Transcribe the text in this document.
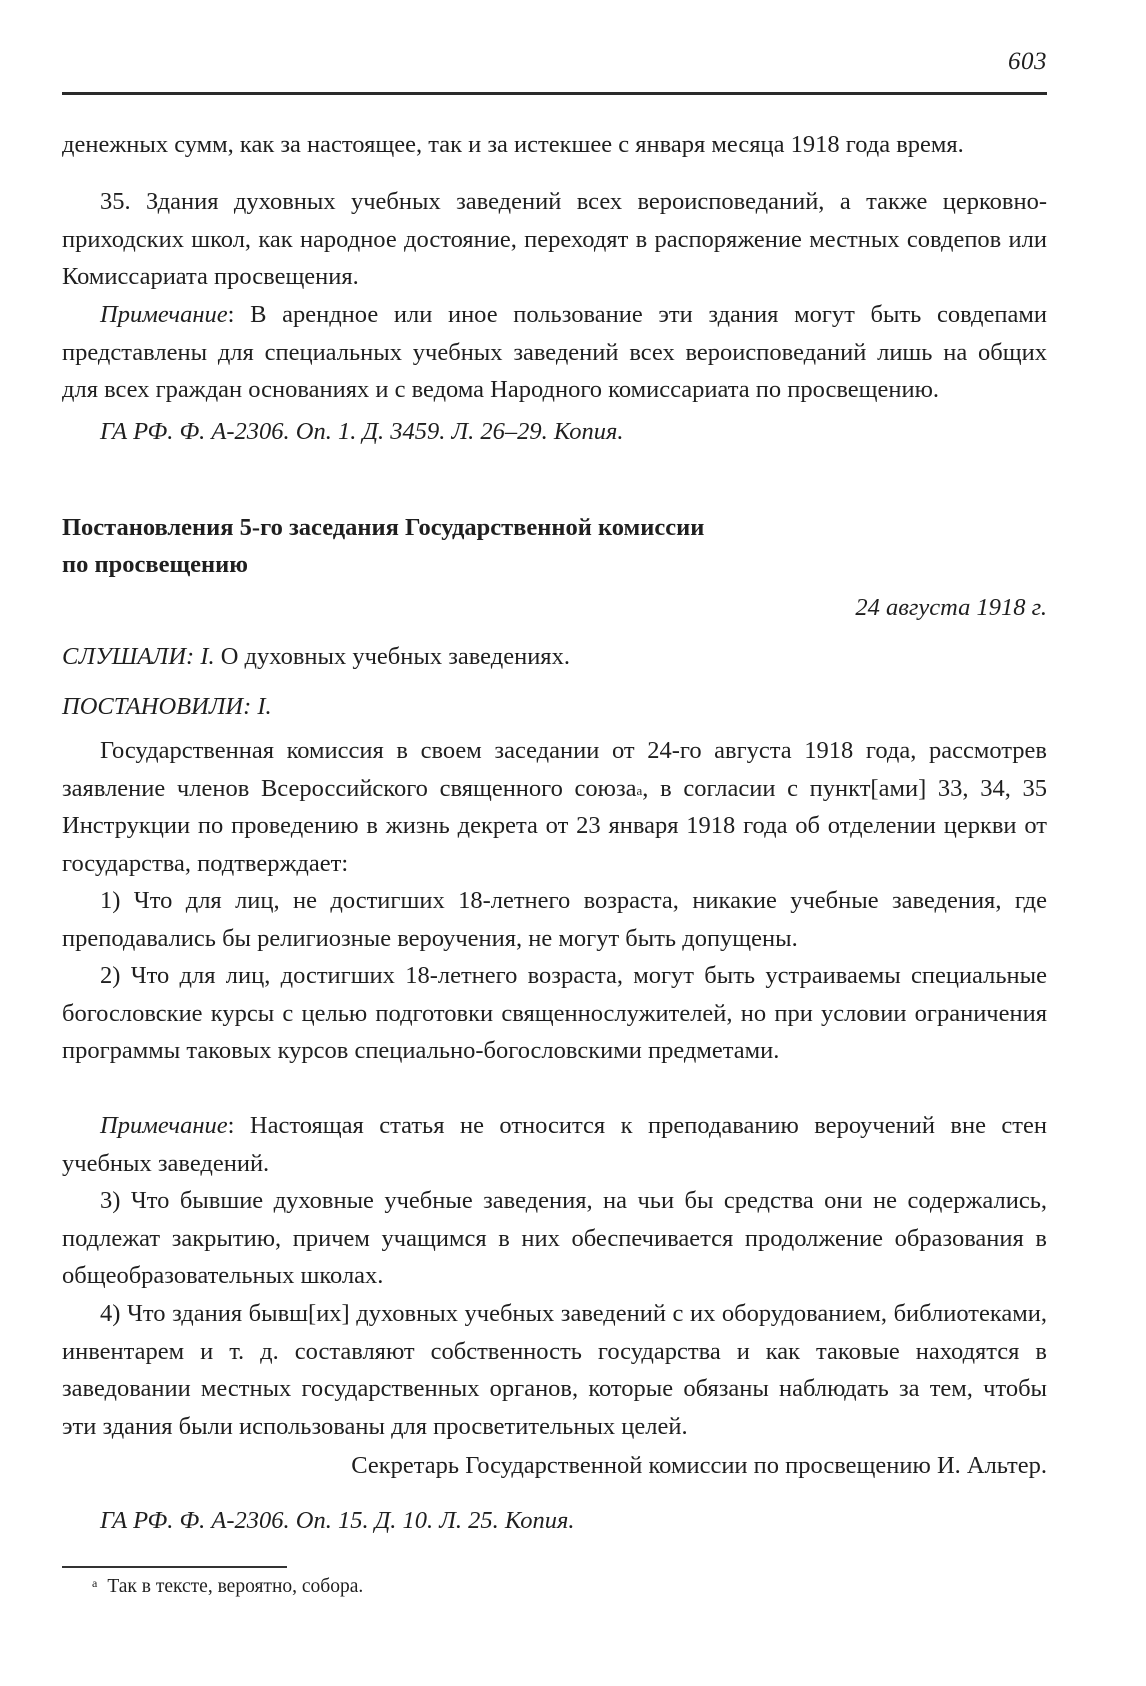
603

денежных сумм, как за настоящее, так и за истекшее с января месяца 1918 года время.

35. Здания духовных учебных заведений всех вероисповеданий, а также церковно-приходских школ, как народное достояние, переходят в распоряжение местных совдепов или Комиссариата просвещения.

Примечание: В арендное или иное пользование эти здания могут быть совдепами представлены для специальных учебных заведений всех вероисповеданий лишь на общих для всех граждан основаниях и с ведома Народного комиссариата по просвещению.

ГА РФ. Ф. А-2306. Оп. 1. Д. 3459. Л. 26–29. Копия.
Постановления 5-го заседания Государственной комиссии
по просвещению
24 августа 1918 г.
СЛУШАЛИ: I. О духовных учебных заведениях.
ПОСТАНОВИЛИ: I.

Государственная комиссия в своем заседании от 24-го августа 1918 года, рассмотрев заявление членов Всероссийского священного союза$^а$, в согласии с пункт[ами] 33, 34, 35 Инструкции по проведению в жизнь декрета от 23 января 1918 года об отделении церкви от государства, подтверждает:

1) Что для лиц, не достигших 18-летнего возраста, никакие учебные заведения, где преподавались бы религиозные вероучения, не могут быть допущены.

2) Что для лиц, достигших 18-летнего возраста, могут быть устраиваемы специальные богословские курсы с целью подготовки священнослужителей, но при условии ограничения программы таковых курсов специально-богословскими предметами.

Примечание: Настоящая статья не относится к преподаванию вероучений вне стен учебных заведений.

3) Что бывшие духовные учебные заведения, на чьи бы средства они не содержались, подлежат закрытию, причем учащимся в них обеспечивается продолжение образования в общеобразовательных школах.

4) Что здания бывш[их] духовных учебных заведений с их оборудованием, библиотеками, инвентарем и т. д. составляют собственность государства и как таковые находятся в заведовании местных государственных органов, которые обязаны наблюдать за тем, чтобы эти здания были использованы для просветительных целей.

Секретарь Государственной комиссии по просвещению И. Альтер.
ГА РФ. Ф. А-2306. Оп. 15. Д. 10. Л. 25. Копия.
$^а$ Так в тексте, вероятно, собора.
